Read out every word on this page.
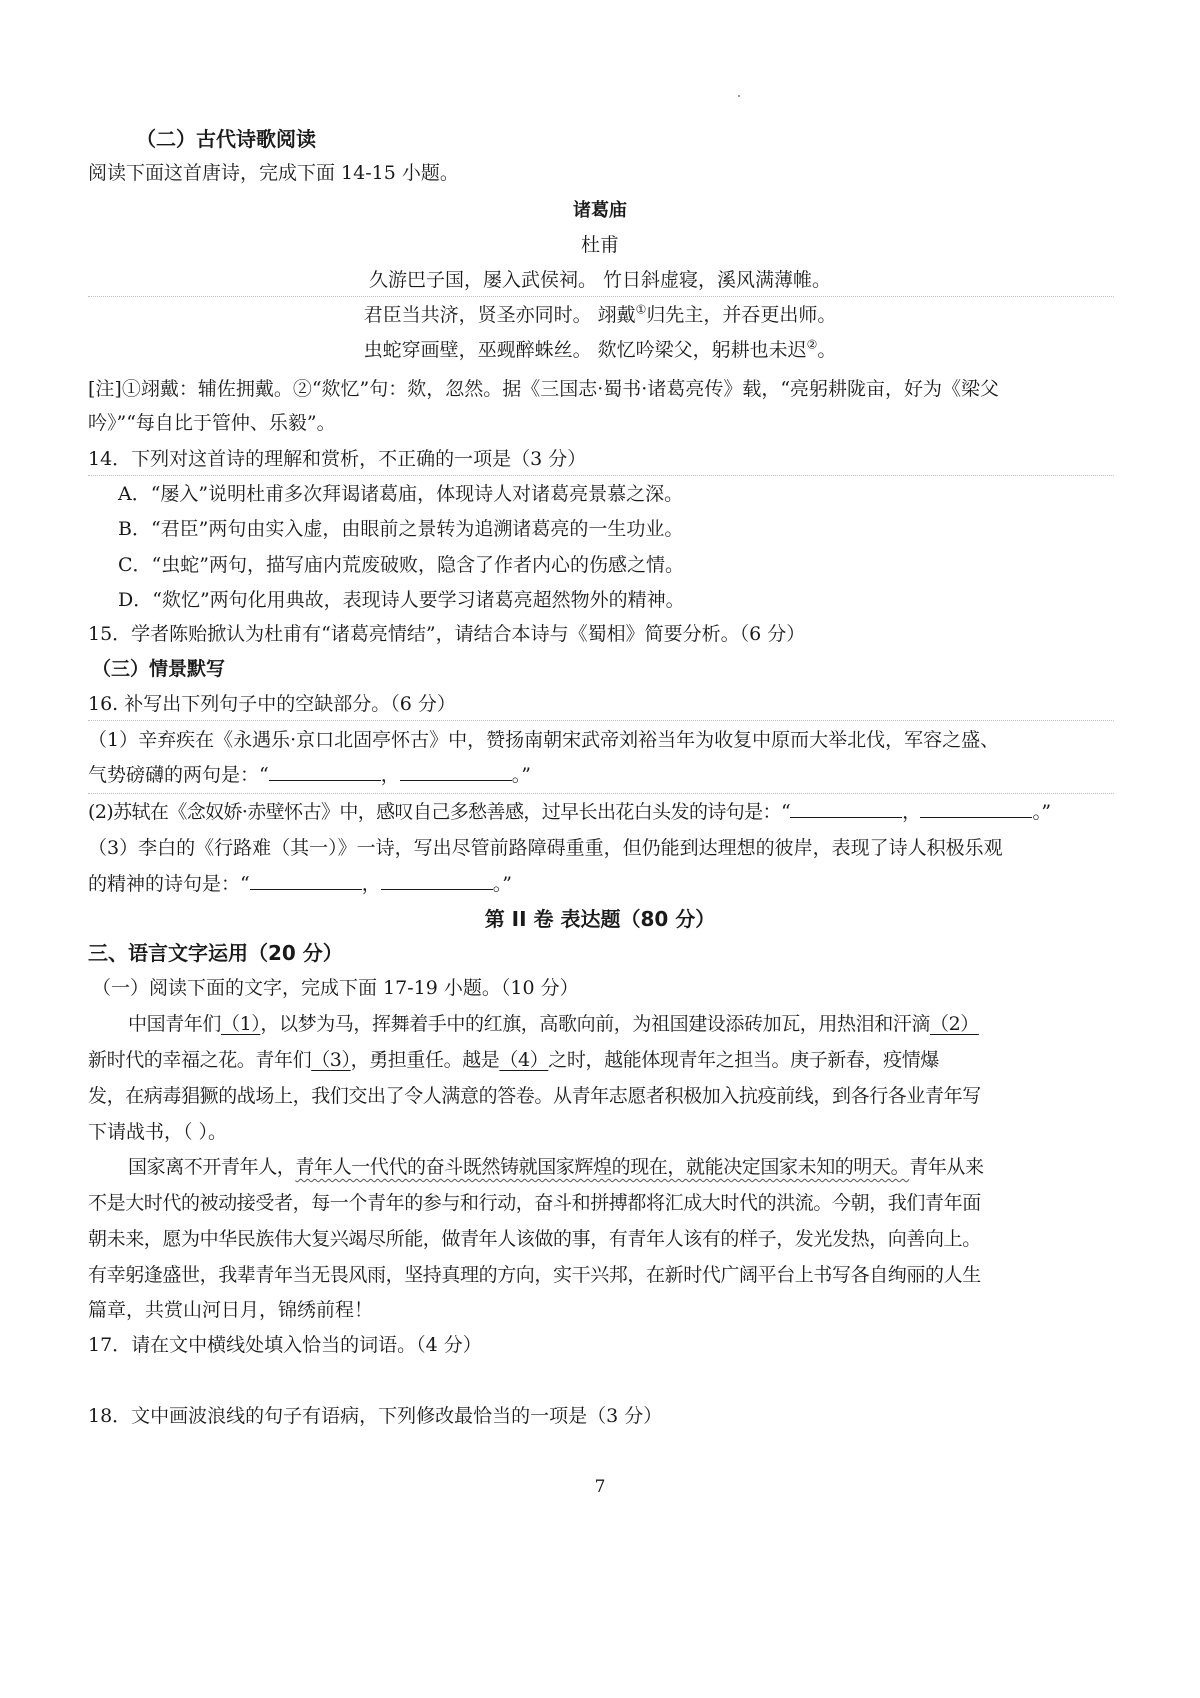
（二）古代诗歌阅读
阅读下面这首唐诗，完成下面 14-15 小题。
诸葛庙
杜甫
久游巴子国，屡入武侯祠。 竹日斜虚寝，溪风满薄帷。
君臣当共济，贤圣亦同时。 翊戴①归先主，并吞更出师。
虫蛇穿画壁，巫觋醉蛛丝。 欻忆吟梁父，躬耕也未迟②。
[注]①翊戴：辅佐拥戴。②“欻忆”句：欻，忽然。据《三国志·蜀书·诸葛亮传》载，“亮躬耕陇亩，好为《梁父
吟》”“每自比于管仲、乐毅”。
14．下列对这首诗的理解和赏析，不正确的一项是（3 分）
A．“屡入”说明杜甫多次拜谒诸葛庙，体现诗人对诸葛亮景慕之深。
B．“君臣”两句由实入虚，由眼前之景转为追溯诸葛亮的一生功业。
C．“虫蛇”两句，描写庙内荒废破败，隐含了作者内心的伤感之情。
D．“欻忆”两句化用典故，表现诗人要学习诸葛亮超然物外的精神。
15．学者陈贻掀认为杜甫有“诸葛亮情结”，请结合本诗与《蜀相》简要分析。（6 分）
（三）情景默写
16. 补写出下列句子中的空缺部分。（6 分）
（1）辛弃疾在《永遇乐·京口北固亭怀古》中，赞扬南朝宋武帝刘裕当年为收复中原而大举北伐，军容之盛、
气势磅礴的两句是：“	，	。”
(2)苏轼在《念奴娇·赤壁怀古》中，感叹自己多愁善感，过早长出花白头发的诗句是：“	，	。”
（3）李白的《行路难（其一）》一诗，写出尽管前路障碍重重，但仍能到达理想的彼岸，表现了诗人积极乐观
的精神的诗句是：“	，	。”
第 II 卷 表达题（80 分）
三、语言文字运用（20 分）
（一）阅读下面的文字，完成下面 17-19 小题。（10 分）
中国青年们（1），以梦为马，挥舞着手中的红旗，高歌向前，为祖国建设添砖加瓦，用热泪和汗滴（2）
新时代的幸福之花。青年们（3），勇担重任。越是（4）之时，越能体现青年之担当。庚子新春，疫情爆
发，在病毒猖獗的战场上，我们交出了令人满意的答卷。从青年志愿者积极加入抗疫前线，到各行各业青年写
下请战书，（ ）。
国家离不开青年人，青年人一代代的奋斗既然铸就国家辉煌的现在，就能决定国家未知的明天。青年从来
不是大时代的被动接受者，每一个青年的参与和行动，奋斗和拼搏都将汇成大时代的洪流。今朝，我们青年面
朝未来，愿为中华民族伟大复兴竭尽所能，做青年人该做的事，有青年人该有的样子，发光发热，向善向上。
有幸躬逢盛世，我辈青年当无畏风雨，坚持真理的方向，实干兴邦，在新时代广阔平台上书写各自绚丽的人生
篇章，共赏山河日月，锦绣前程！
17．请在文中横线处填入恰当的词语。（4 分）
18．文中画波浪线的句子有语病，下列修改最恰当的一项是（3 分）
7
